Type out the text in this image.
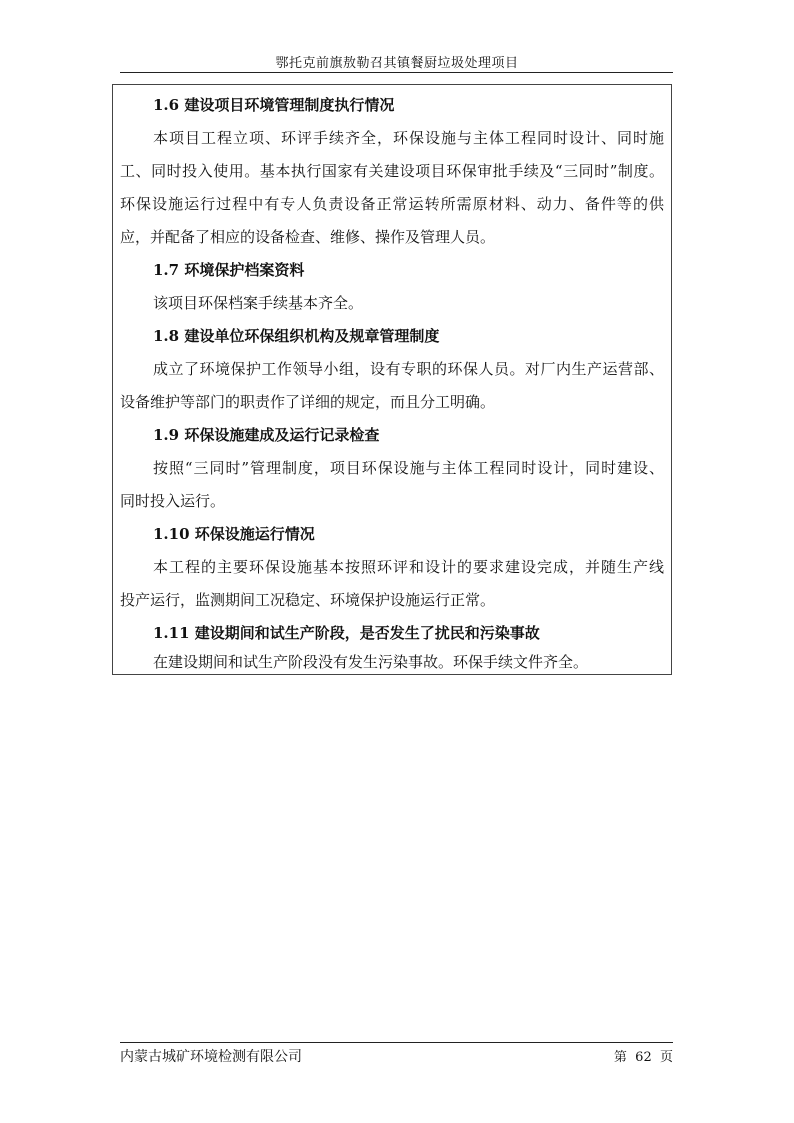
鄂托克前旗敖勒召其镇餐厨垃圾处理项目
1.6 建设项目环境管理制度执行情况
本项目工程立项、环评手续齐全，环保设施与主体工程同时设计、同时施
工、同时投入使用。基本执行国家有关建设项目环保审批手续及“三同时”制度。
环保设施运行过程中有专人负责设备正常运转所需原材料、动力、备件等的供
应，并配备了相应的设备检查、维修、操作及管理人员。
1.7 环境保护档案资料
该项目环保档案手续基本齐全。
1.8 建设单位环保组织机构及规章管理制度
成立了环境保护工作领导小组，设有专职的环保人员。对厂内生产运营部、
设备维护等部门的职责作了详细的规定，而且分工明确。
1.9 环保设施建成及运行记录检查
按照“三同时”管理制度，项目环保设施与主体工程同时设计，同时建设、
同时投入运行。
1.10 环保设施运行情况
本工程的主要环保设施基本按照环评和设计的要求建设完成，并随生产线
投产运行，监测期间工况稳定、环境保护设施运行正常。
1.11 建设期间和试生产阶段，是否发生了扰民和污染事故
在建设期间和试生产阶段没有发生污染事故。环保手续文件齐全。
内蒙古城矿环境检测有限公司	第  62  页
